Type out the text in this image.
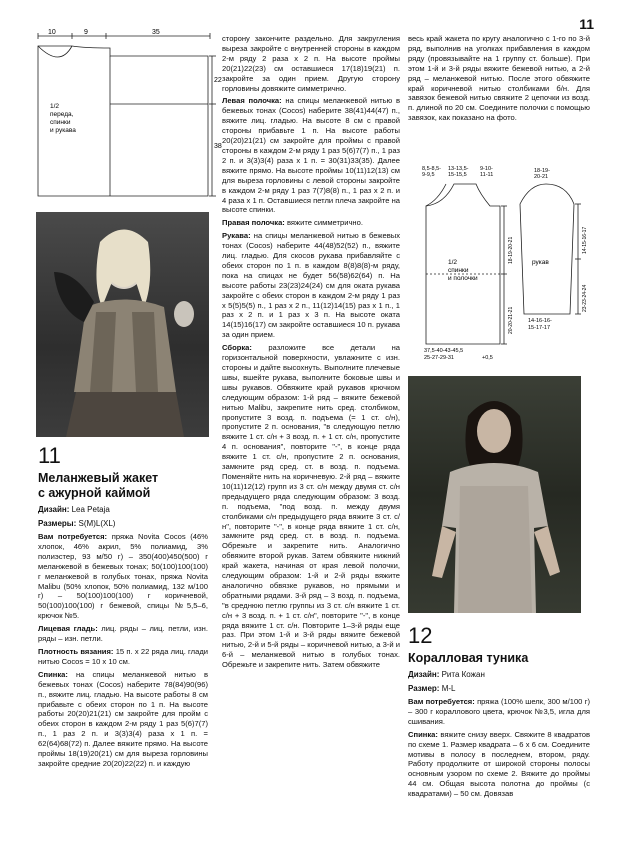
11
10	9	35
22
38
1/2
переда,
спинки
и рукава

11

Меланжевый жакет
с ажурной каймой

Дизайн: Lea Petaja

Размеры: S(M)L(XL)

Вам потребуется: пряжа Novita Cocos (46% хлопок, 46% акрил, 5% полиамид, 3% полиэстер, 93 м/50 г) – 350(400)450(500) г меланжевой в бежевых тонах; 50(100)100(100) г меланжевой в голубых тонах, пряжа Novita Malibu (50% хлопок, 50% полиамид, 132 м/100 г) – 50(100)100(100) г коричневой, 50(100)100(100) г бежевой, спицы №5,5–6, крючок №5.

Лицевая гладь: лиц. ряды – лиц. петли, изн. ряды – изн. петли.

Плотность вязания: 15 п. х 22 ряда лиц. глади нитью Cocos = 10 х 10 см.

Спинка: на спицы меланжевой нитью в бежевых тонах (Cocos) наберите 78(84)90(96) п., вяжите лиц. гладью. На высоте работы 8 см прибавьте с обеих сторон по 1 п. На высоте работы 20(20)21(21) см закройте для пройм с обеих сторон в каждом 2-м ряду 1 раз 5(6)7(7) п., 1 раз 2 п. и 3(3)3(4) раза х 1 п. = 62(64)68(72) п. Далее вяжите прямо. На высоте проймы 18(19)20(21) см для выреза горловины закройте средние 20(20)22(22) п. и каждую

сторону закончите раздельно. Для закругления выреза закройте с внутренней стороны в каждом 2-м ряду 2 раза х 2 п. На высоте проймы 20(21)22(23) см оставшиеся 17(18)19(21) п. закройте за один прием. Другую сторону горловины довяжите симметрично.

Левая полочка: на спицы меланжевой нитью в бежевых тонах (Cocos) наберите 38(41)44(47) п., вяжите лиц. гладью. На высоте 8 см с правой стороны прибавьте 1 п. На высоте работы 20(20)21(21) см закройте для проймы с правой стороны в каждом 2-м ряду 1 раз 5(6)7(7) п., 1 раз 2 п. и 3(3)3(4) раза х 1 п. = 30(31)33(35). Далее вяжите прямо. На высоте проймы 10(11)12(13) см для выреза горловины с левой стороны закройте в каждом 2-м ряду 1 раз 7(7)8(8) п., 1 раз х 2 п. и 4 раза х 1 п. Оставшиеся петли плеча закройте на высоте спинки.

Правая полочка: вяжите симметрично.

Рукава: на спицы меланжевой нитью в бежевых тонах (Cocos) наберите 44(48)52(52) п., вяжите лиц. гладью. Для скосов рукава прибавляйте с обеих сторон по 1 п. в каждом 8(8)8(8)-м ряду, пока на спицах не будет 56(58)62(64) п. На высоте работы 23(23)24(24) см для оката рукава закройте с обеих сторон в каждом 2-м ряду 1 раз х 5(5)5(5) п., 1 раз х 2 п., 11(12)14(15) раз х 1 п., 1 раз х 2 п. и 1 раз х 3 п. На высоте оката 14(15)16(17) см закройте оставшиеся 10 п. рукава за один прием.

Сборка: разложите все детали на горизонтальной поверхности, увлажните с изн. стороны и дайте высохнуть. Выполните плечевые швы, вшейте рукава, выполните боковые швы и швы рукавов. Обвяжите край рукавов крючком следующим образом: 1-й ряд – вяжите бежевой нитью Malibu, закрепите нить сред. столбиком, пропустите 3 возд. п. подъема (= 1 ст. с/н), пропустите 2 п. основания, "в следующую петлю вяжите 1 ст. с/н + 3 возд. п. + 1 ст. с/н, пропустите 4 п. основания", повторите "-", в конце ряда вяжите 1 ст. с/н, пропустите 2 п. основания, замкните ряд сред. ст. в возд. п. подъема. Поменяйте нить на коричневую. 2-й ряд – вяжите 10(11)12(12) групп из 3 ст. с/н между двумя ст. с/н предыдущего ряда следующим образом: 3 возд. п. подъема, "под возд. п. между двумя столбиками с/н предыдущего ряда вяжите 3 ст. с/н", повторите "-", в конце ряда вяжите 1 ст. с/н, замкните ряд сред. ст. в возд. п. подъема. Обрежьте и закрепите нить. Аналогично обвяжите второй рукав. Затем обвяжите нижний край жакета, начиная от края левой полочки, следующим образом: 1-й и 2-й ряды вяжите аналогично обвязке рукавов, но прямыми и обратными рядами. 3-й ряд – 3 возд. п. подъема, "в среднюю петлю группы из 3 ст. с/н вяжите 1 ст. с/н + 3 возд. п. + 1 ст. с/н", повторите "-", в конце ряда вяжите 1 ст. с/н. Повторите 1–3-й ряды еще раз. При этом 1-й и 3-й ряды вяжите бежевой нитью, 2-й и 5-й ряды – коричневой нитью, а 3-й и 6-й – меланжевой нитью в голубых тонах. Обрежьте и закрепите нить. Затем обвяжите

весь край жакета по кругу аналогично с 1-го по 3-й ряд, выполнив на уголках прибавления в каждом ряду (провязывайте на 1 группу ст. больше). При этом 1-й и 3-й ряды вяжите бежевой нитью, а 2-й ряд – меланжевой нитью. После этого обвяжите край коричневой нитью столбиками б/н. Для завязок бежевой нитью свяжите 2 цепочки из возд. п. длиной по 20 см. Соедините полочки с помощью завязок, как показано на фото.

8,5-8,5-
9-9,5
13-13,5-
15-15,5
9-10-
11-11
18-19-
20-21
1/2
спинки
и полочки
рукав
18-19-20-21
20-20-21-21
14-15-16-17
23-23-24-24
37,5-40-43-45,5
25-27-29-31	+0,5
14-16-16-
15-17-17

12

Коралловая туника

Дизайн: Рита Кожан

Размер: M-L

Вам потребуется: пряжа (100% шелк, 300 м/100 г) – 300 г кораллового цвета, крючок №3,5, игла для сшивания.

Спинка: вяжите снизу вверх. Свяжите 8 квадратов по схеме 1. Размер квадрата – 6 х 6 см. Соедините мотивы в полосу в последнем, втором, ряду. Работу продолжите от широкой стороны полосы основным узором по схеме 2. Вяжите до проймы 44 см. Общая высота полотна до проймы (с квадратами) – 50 см. Довязав
